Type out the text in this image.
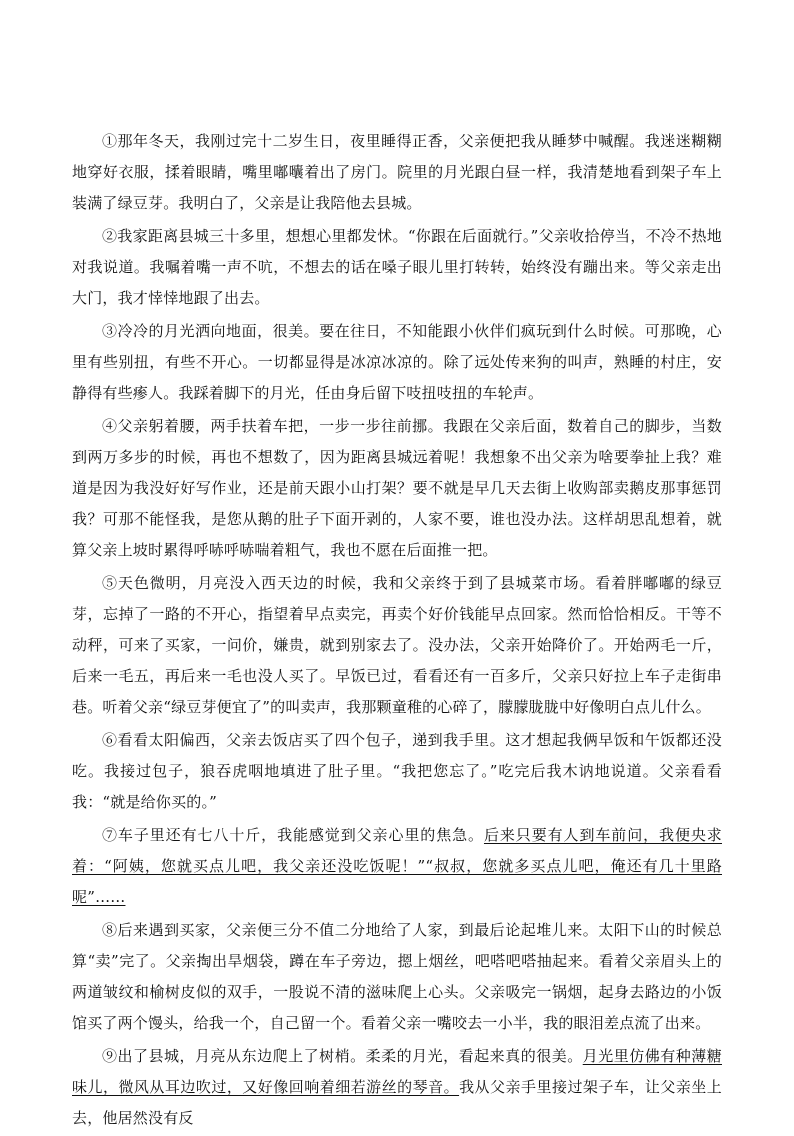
①那年冬天，我刚过完十二岁生日，夜里睡得正香，父亲便把我从睡梦中喊醒。我迷迷糊糊地穿好衣服，揉着眼睛，嘴里嘟囔着出了房门。院里的月光跟白昼一样，我清楚地看到架子车上装满了绿豆芽。我明白了，父亲是让我陪他去县城。

②我家距离县城三十多里，想想心里都发怵。“你跟在后面就行。”父亲收拾停当，不冷不热地对我说道。我嘱着嘴一声不吭，不想去的话在嗓子眼儿里打转转，始终没有蹦出来。等父亲走出大门，我才悻悻地跟了出去。

③冷冷的月光洒向地面，很美。要在往日，不知能跟小伙伴们疯玩到什么时候。可那晚，心里有些别扭，有些不开心。一切都显得是冰凉冰凉的。除了远处传来狗的叫声，熟睡的村庄，安静得有些瘆人。我踩着脚下的月光，任由身后留下吱扭吱扭的车轮声。

④父亲躬着腰，两手扶着车把，一步一步往前挪。我跟在父亲后面，数着自己的脚步，当数到两万多步的时候，再也不想数了，因为距离县城远着呢！我想象不出父亲为啥要拳扯上我？难道是因为我没好好写作业，还是前天跟小山打架？要不就是早几天去街上收购部卖鹅皮那事惩罚我？可那不能怪我，是您从鹅的肚子下面开剥的，人家不要，谁也没办法。这样胡思乱想着，就算父亲上坡时累得呼哧呼哧喘着粗气，我也不愿在后面推一把。

⑤天色微明，月亮没入西天边的时候，我和父亲终于到了县城菜市场。看着胖嘟嘟的绿豆芽，忘掉了一路的不开心，指望着早点卖完，再卖个好价钱能早点回家。然而恰恰相反。干等不动秤，可来了买家，一问价，嫌贵，就到别家去了。没办法，父亲开始降价了。开始两毛一斤，后来一毛五，再后来一毛也没人买了。早饭已过，看看还有一百多斤，父亲只好拉上车子走街串巷。听着父亲“绿豆芽便宜了”的叫卖声，我那颗童稚的心碎了，朦朦胧胧中好像明白点儿什么。

⑥看看太阳偏西，父亲去饭店买了四个包子，递到我手里。这才想起我俩早饭和午饭都还没吃。我接过包子，狼吞虎咽地填进了肚子里。“我把您忘了。”吃完后我木讷地说道。父亲看看我：“就是给你买的。”

⑦车子里还有七八十斤，我能感觉到父亲心里的焦急。后来只要有人到车前问，我便央求着：“阿姨，您就买点儿吧，我父亲还没吃饭呢！”“叔叔，您就多买点儿吧，俺还有几十里路呢”……

⑧后来遇到买家，父亲便三分不值二分地给了人家，到最后论起堆儿来。太阳下山的时候总算“卖”完了。父亲掏出旱烟袋，蹲在车子旁边，摁上烟丝，吧嗒吧嗒抽起来。看着父亲眉头上的两道皱纹和榆树皮似的双手，一股说不清的滋味爬上心头。父亲吸完一锅烟，起身去路边的小饭馆买了两个馒头，给我一个，自己留一个。看着父亲一嘴咬去一小半，我的眼泪差点流了出来。

⑨出了县城，月亮从东边爬上了树梢。柔柔的月光，看起来真的很美。月光里仿佛有种薄糖味儿，微风从耳边吹过，又好像回响着细若游丝的琴音。我从父亲手里接过架子车，让父亲坐上去，他居然没有反
